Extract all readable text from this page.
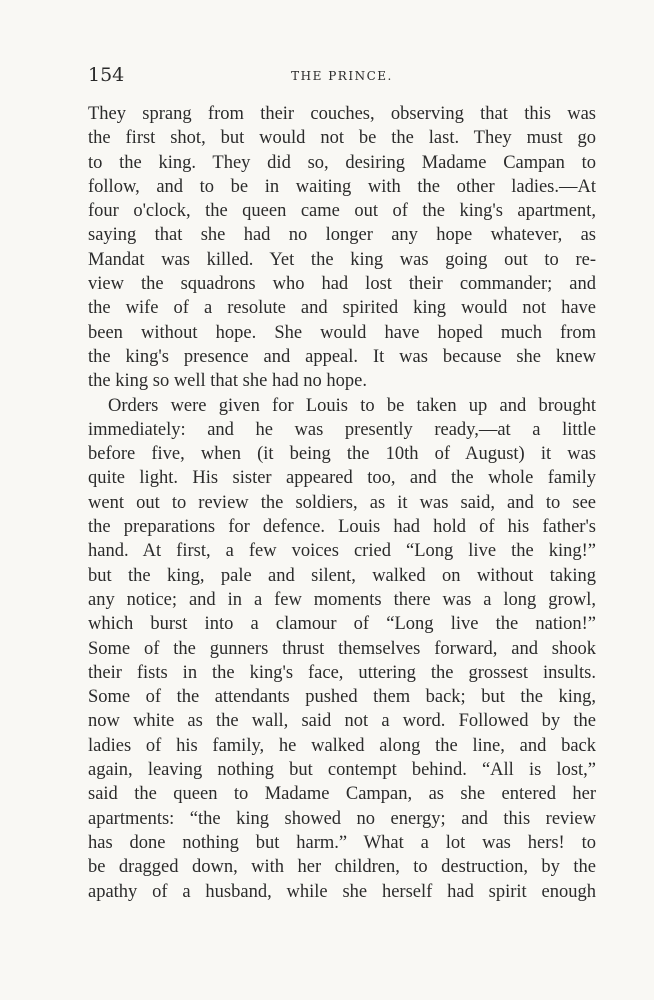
154	THE PRINCE.
They sprang from their couches, observing that this was
the first shot, but would not be the last. They must go
to the king. They did so, desiring Madame Campan to
follow, and to be in waiting with the other ladies.—At
four o'clock, the queen came out of the king's apartment,
saying that she had no longer any hope whatever, as
Mandat was killed. Yet the king was going out to re-
view the squadrons who had lost their commander; and
the wife of a resolute and spirited king would not have
been without hope. She would have hoped much from
the king's presence and appeal. It was because she knew
the king so well that she had no hope.
Orders were given for Louis to be taken up and brought
immediately: and he was presently ready,—at a little
before five, when (it being the 10th of August) it was
quite light. His sister appeared too, and the whole family
went out to review the soldiers, as it was said, and to see
the preparations for defence. Louis had hold of his father's
hand. At first, a few voices cried “Long live the king!”
but the king, pale and silent, walked on without taking
any notice; and in a few moments there was a long growl,
which burst into a clamour of “Long live the nation!”
Some of the gunners thrust themselves forward, and shook
their fists in the king's face, uttering the grossest insults.
Some of the attendants pushed them back; but the king,
now white as the wall, said not a word. Followed by the
ladies of his family, he walked along the line, and back
again, leaving nothing but contempt behind. “All is lost,”
said the queen to Madame Campan, as she entered her
apartments: “the king showed no energy; and this review
has done nothing but harm.” What a lot was hers! to
be dragged down, with her children, to destruction, by the
apathy of a husband, while she herself had spirit enough
